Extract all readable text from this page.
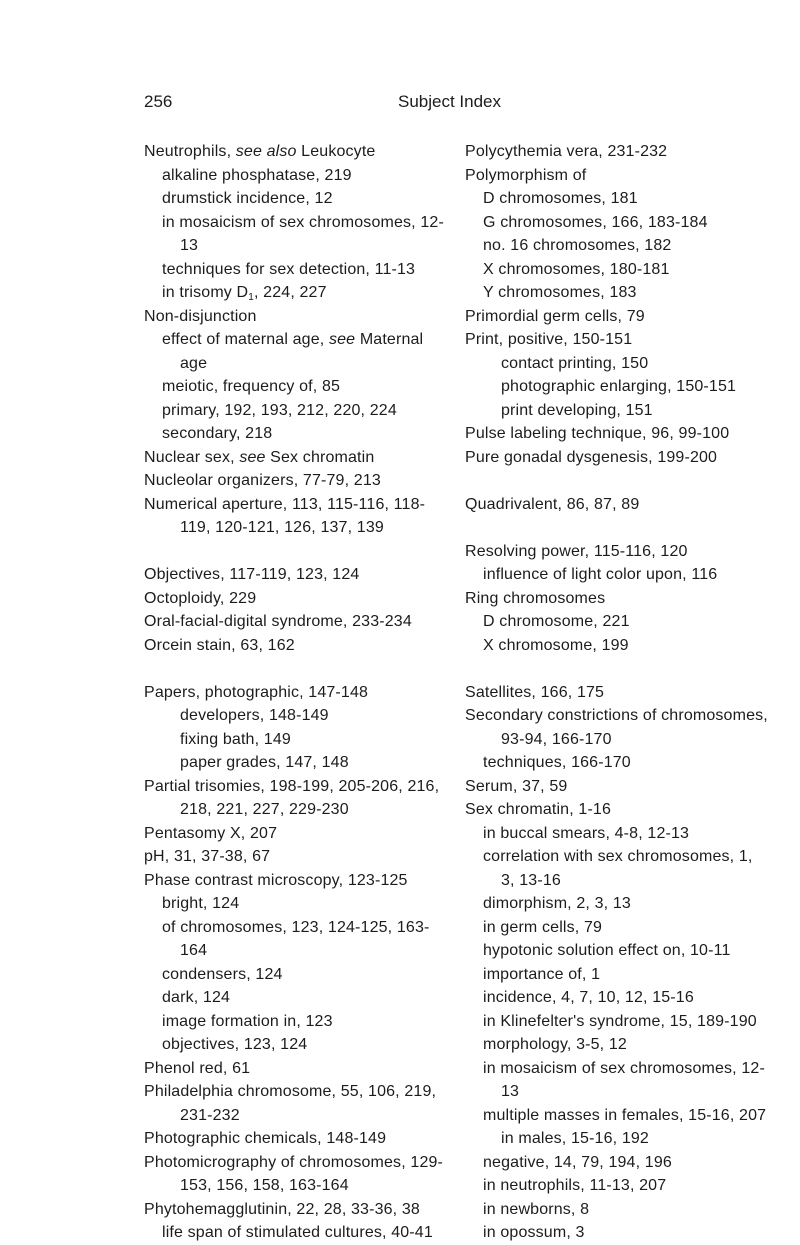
256	Subject Index
Neutrophils, see also Leukocyte
alkaline phosphatase, 219
drumstick incidence, 12
in mosaicism of sex chromosomes, 12-
13
techniques for sex detection, 11-13
in trisomy $D_1$, 224, 227
Non-disjunction
effect of maternal age, see Maternal
age
meiotic, frequency of, 85
primary, 192, 193, 212, 220, 224
secondary, 218
Nuclear sex, see Sex chromatin
Nucleolar organizers, 77-79, 213
Numerical aperture, 113, 115-116, 118-
119, 120-121, 126, 137, 139
Objectives, 117-119, 123, 124
Octoploidy, 229
Oral-facial-digital syndrome, 233-234
Orcein stain, 63, 162
Papers, photographic, 147-148
developers, 148-149
fixing bath, 149
paper grades, 147, 148
Partial trisomies, 198-199, 205-206, 216,
218, 221, 227, 229-230
Pentasomy X, 207
pH, 31, 37-38, 67
Phase contrast microscopy, 123-125
bright, 124
of chromosomes, 123, 124-125, 163-
164
condensers, 124
dark, 124
image formation in, 123
objectives, 123, 124
Phenol red, 61
Philadelphia chromosome, 55, 106, 219,
231-232
Photographic chemicals, 148-149
Photomicrography of chromosomes, 129-
153, 156, 158, 163-164
Phytohemagglutinin, 22, 28, 33-36, 38
life span of stimulated cultures, 40-41
Polycythemia vera, 231-232
Polymorphism of
D chromosomes, 181
G chromosomes, 166, 183-184
no. 16 chromosomes, 182
X chromosomes, 180-181
Y chromosomes, 183
Primordial germ cells, 79
Print, positive, 150-151
contact printing, 150
photographic enlarging, 150-151
print developing, 151
Pulse labeling technique, 96, 99-100
Pure gonadal dysgenesis, 199-200
Quadrivalent, 86, 87, 89
Resolving power, 115-116, 120
influence of light color upon, 116
Ring chromosomes
D chromosome, 221
X chromosome, 199
Satellites, 166, 175
Secondary constrictions of chromosomes,
93-94, 166-170
techniques, 166-170
Serum, 37, 59
Sex chromatin, 1-16
in buccal smears, 4-8, 12-13
correlation with sex chromosomes, 1,
3, 13-16
dimorphism, 2, 3, 13
in germ cells, 79
hypotonic solution effect on, 10-11
importance of, 1
incidence, 4, 7, 10, 12, 15-16
in Klinefelter's syndrome, 15, 189-190
morphology, 3-5, 12
in mosaicism of sex chromosomes, 12-
13
multiple masses in females, 15-16, 207
in males, 15-16, 192
negative, 14, 79, 194, 196
in neutrophils, 11-13, 207
in newborns, 8
in opossum, 3
